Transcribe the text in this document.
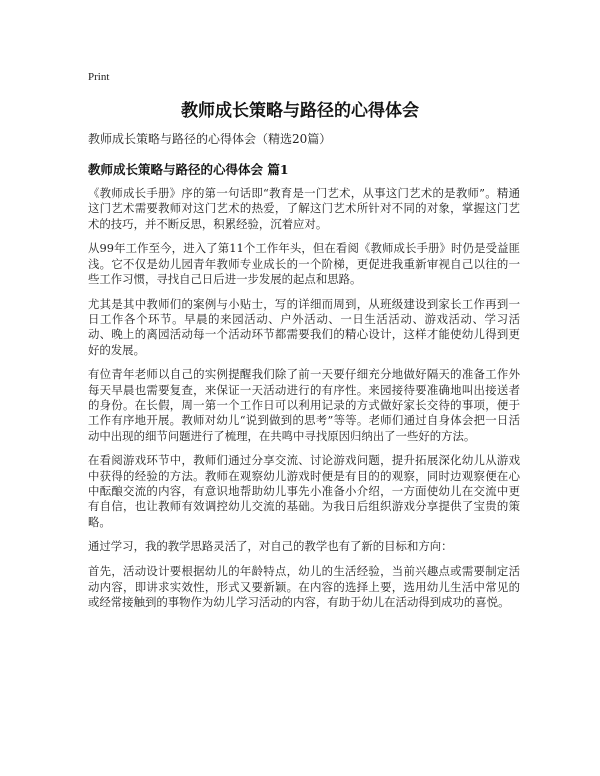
Print
教师成长策略与路径的心得体会
教师成长策略与路径的心得体会（精选20篇）
教师成长策略与路径的心得体会 篇1

《教师成长手册》序的第一句话即“教育是一门艺术，从事这门艺术的是教师”。精通这门艺术需要教师对这门艺术的热爱，了解这门艺术所针对不同的对象，掌握这门艺术的技巧，并不断反思，积累经验，沉着应对。

从99年工作至今，进入了第11个工作年头，但在看阅《教师成长手册》时仍是受益匪浅。它不仅是幼儿园青年教师专业成长的一个阶梯，更促进我重新审视自己以往的一些工作习惯，寻找自己日后进一步发展的起点和思路。

尤其是其中教师们的案例与小贴士，写的详细而周到，从班级建设到家长工作再到一日工作各个环节。早晨的来园活动、户外活动、一日生活活动、游戏活动、学习活动、晚上的离园活动每一个活动环节都需要我们的精心设计，这样才能使幼儿得到更好的发展。

有位青年老师以自己的实例提醒我们除了前一天要仔细充分地做好隔天的准备工作外每天早晨也需要复查，来保证一天活动进行的有序性。来园接待要准确地叫出接送者的身份。在长假，周一第一个工作日可以利用记录的方式做好家长交待的事项，便于工作有序地开展。教师对幼儿“说到做到的思考”等等。老师们通过自身体会把一日活动中出现的细节问题进行了梳理，在共鸣中寻找原因归纳出了一些好的方法。

在看阅游戏环节中，教师们通过分享交流、讨论游戏问题，提升拓展深化幼儿从游戏中获得的经验的方法。教师在观察幼儿游戏时便是有目的的观察，同时边观察便在心中酝酿交流的内容，有意识地帮助幼儿事先小准备小介绍，一方面使幼儿在交流中更有自信，也让教师有效调控幼儿交流的基础。为我日后组织游戏分享提供了宝贵的策略。

通过学习，我的教学思路灵活了，对自己的教学也有了新的目标和方向：

首先，活动设计要根据幼儿的年龄特点，幼儿的生活经验，当前兴趣点或需要制定活动内容，即讲求实效性，形式又要新颖。在内容的选择上要，选用幼儿生活中常见的或经常接触到的事物作为幼儿学习活动的内容，有助于幼儿在活动得到成功的喜悦。
